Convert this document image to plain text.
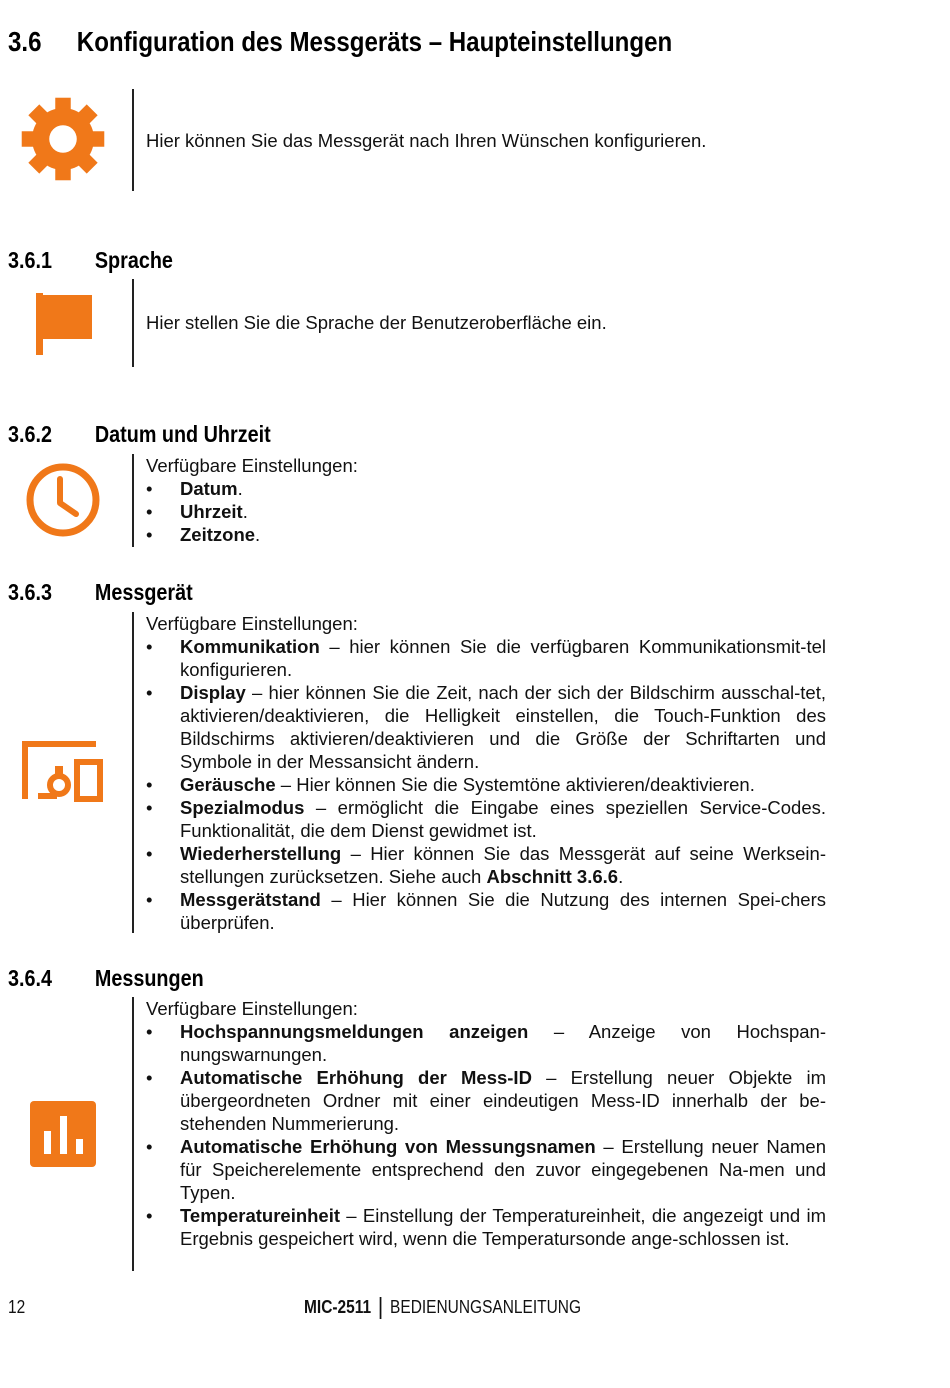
3.6 Konfiguration des Messgeräts – Haupteinstellungen
Hier können Sie das Messgerät nach Ihren Wünschen konfigurieren.
3.6.1 Sprache
Hier stellen Sie die Sprache der Benutzeroberfläche ein.
3.6.2 Datum und Uhrzeit

Verfügbare Einstellungen:

• Datum.
• Uhrzeit.
• Zeitzone.
3.6.3 Messgerät

Verfügbare Einstellungen:

• Kommunikation – hier können Sie die verfügbaren Kommunikationsmit-tel konfigurieren.
• Display – hier können Sie die Zeit, nach der sich der Bildschirm ausschal-tet, aktivieren/deaktivieren, die Helligkeit einstellen, die Touch-Funktion des Bildschirms aktivieren/deaktivieren und die Größe der Schriftarten und Symbole in der Messansicht ändern.
• Geräusche – Hier können Sie die Systemtöne aktivieren/deaktivieren.
• Spezialmodus – ermöglicht die Eingabe eines speziellen Service-Codes. Funktionalität, die dem Dienst gewidmet ist.
• Wiederherstellung – Hier können Sie das Messgerät auf seine Werksein-stellungen zurücksetzen. Siehe auch Abschnitt 3.6.6.
• Messgerätstand – Hier können Sie die Nutzung des internen Spei-chers überprüfen.
3.6.4 Messungen

Verfügbare Einstellungen:

• Hochspannungsmeldungen anzeigen – Anzeige von Hochspan-nungswarnungen.
• Automatische Erhöhung der Mess-ID – Erstellung neuer Objekte im übergeordneten Ordner mit einer eindeutigen Mess-ID innerhalb der be-stehenden Nummerierung.
• Automatische Erhöhung von Messungsnamen – Erstellung neuer Namen für Speicherelemente entsprechend den zuvor eingegebenen Na-men und Typen.
• Temperatureinheit – Einstellung der Temperatureinheit, die angezeigt und im Ergebnis gespeichert wird, wenn die Temperatursonde ange-schlossen ist.
12	MIC-2511 BEDIENUNGSANLEITUNG
